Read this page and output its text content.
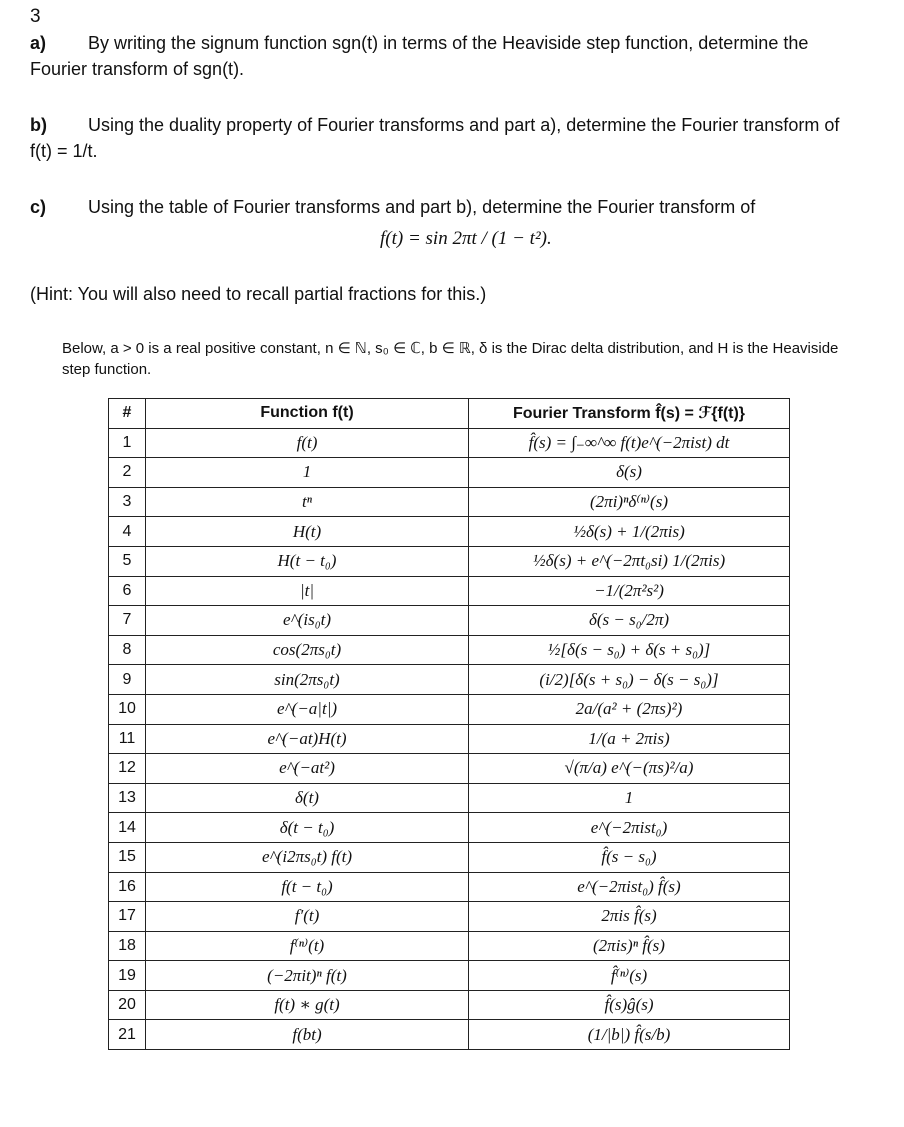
3
a) By writing the signum function sgn(t) in terms of the Heaviside step function, determine the Fourier transform of sgn(t).
b) Using the duality property of Fourier transforms and part a), determine the Fourier transform of f(t) = 1/t.
c) Using the table of Fourier transforms and part b), determine the Fourier transform of
f(t) = sin 2πt / (1 − t²).
(Hint: You will also need to recall partial fractions for this.)
Below, a > 0 is a real positive constant, n ∈ ℕ, s₀ ∈ ℂ, b ∈ ℝ, δ is the Dirac delta distribution, and H is the Heaviside step function.
#	Function f(t)	Fourier Transform f̂(s) = ℱ{f(t)}
1	f(t)	f̂(s) = ∫₋∞^∞ f(t)e^(−2πist) dt
2	1	δ(s)
3	tⁿ	(2πi)ⁿδ⁽ⁿ⁾(s)
4	H(t)	½δ(s) + 1/(2πis)
5	H(t − t₀)	½δ(s) + e^(−2πt₀si) 1/(2πis)
6	|t|	−1/(2π²s²)
7	e^(is₀t)	δ(s − s₀/2π)
8	cos(2πs₀t)	½[δ(s − s₀) + δ(s + s₀)]
9	sin(2πs₀t)	(i/2)[δ(s + s₀) − δ(s − s₀)]
10	e^(−a|t|)	2a/(a² + (2πs)²)
11	e^(−at)H(t)	1/(a + 2πis)
12	e^(−at²)	√(π/a) e^(−(πs)²/a)
13	δ(t)	1
14	δ(t − t₀)	e^(−2πist₀)
15	e^(i2πs₀t) f(t)	f̂(s − s₀)
16	f(t − t₀)	e^(−2πist₀) f̂(s)
17	f′(t)	2πis f̂(s)
18	f⁽ⁿ⁾(t)	(2πis)ⁿ f̂(s)
19	(−2πit)ⁿ f(t)	f̂⁽ⁿ⁾(s)
20	f(t) ∗ g(t)	f̂(s)ĝ(s)
21	f(bt)	(1/|b|) f̂(s/b)
